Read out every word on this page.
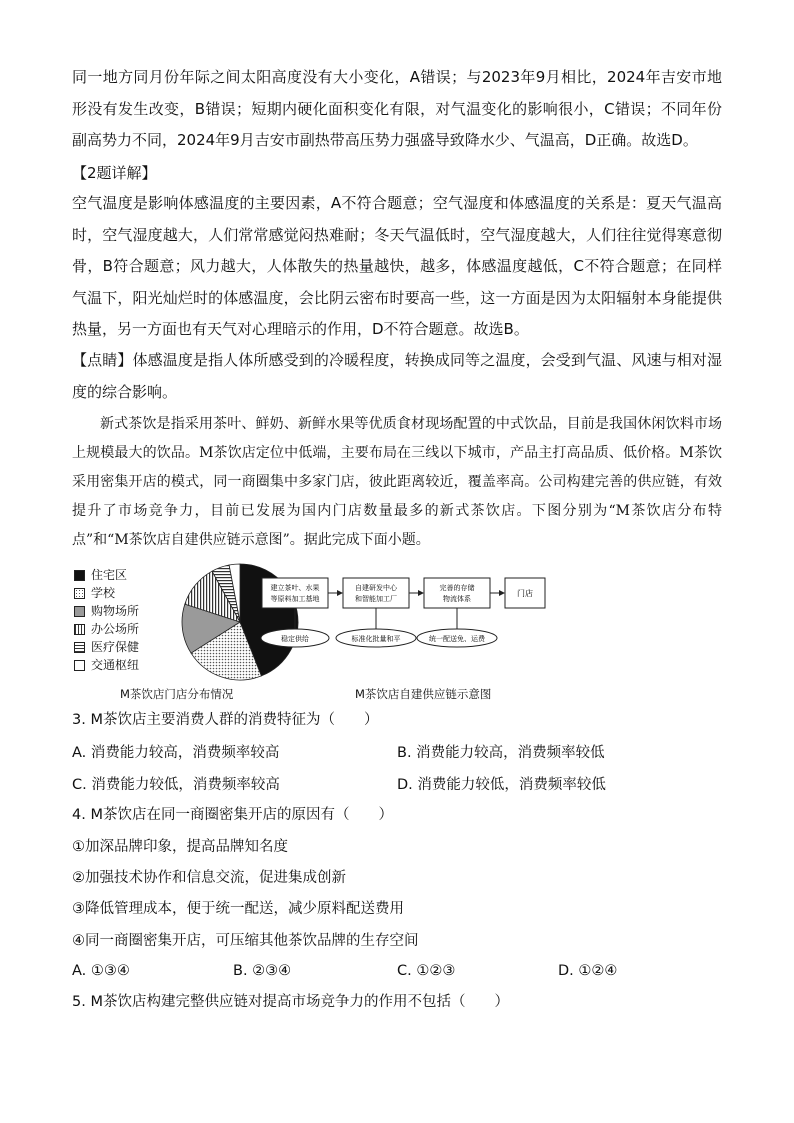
同一地方同月份年际之间太阳高度没有大小变化，A错误；与2023年9月相比，2024年吉安市地形没有发生改变，B错误；短期内硬化面积变化有限，对气温变化的影响很小，C错误；不同年份副高势力不同，2024年9月吉安市副热带高压势力强盛导致降水少、气温高，D正确。故选D。
【2题详解】
空气温度是影响体感温度的主要因素，A不符合题意；空气湿度和体感温度的关系是：夏天气温高时，空气湿度越大，人们常常感觉闷热难耐；冬天气温低时，空气湿度越大，人们往往觉得寒意彻骨，B符合题意；风力越大，人体散失的热量越快，越多，体感温度越低，C不符合题意；在同样气温下，阳光灿烂时的体感温度，会比阴云密布时要高一些，这一方面是因为太阳辐射本身能提供热量，另一方面也有天气对心理暗示的作用，D不符合题意。故选B。
【点睛】体感温度是指人体所感受到的冷暖程度，转换成同等之温度，会受到气温、风速与相对湿度的综合影响。
新式茶饮是指采用茶叶、鲜奶、新鲜水果等优质食材现场配置的中式饮品，目前是我国休闲饮料市场上规模最大的饮品。M茶饮店定位中低端，主要布局在三线以下城市，产品主打高品质、低价格。M茶饮采用密集开店的模式，同一商圈集中多家门店，彼此距离较近，覆盖率高。公司构建完善的供应链，有效提升了市场竞争力，目前已发展为国内门店数量最多的新式茶饮店。下图分别为“M茶饮店分布特点”和“M茶饮店自建供应链示意图”。据此完成下面小题。
住宅区
学校
购物场所
办公场所
医疗保健
交通枢纽
M茶饮店门店分布情况
建立茶叶、水果
等原料加工基地
自建研发中心
和智能加工厂
完善的存储
物流体系
门店
稳定供给	标准化批量和平	统一配送免、运费
M茶饮店自建供应链示意图
3. M茶饮店主要消费人群的消费特征为（　　）
A. 消费能力较高，消费频率较高	B. 消费能力较高，消费频率较低
C. 消费能力较低，消费频率较高	D. 消费能力较低，消费频率较低
4. M茶饮店在同一商圈密集开店的原因有（　　）
①加深品牌印象，提高品牌知名度
②加强技术协作和信息交流，促进集成创新
③降低管理成本，便于统一配送，减少原料配送费用
④同一商圈密集开店，可压缩其他茶饮品牌的生存空间
A. ①③④	B. ②③④	C. ①②③	D. ①②④
5. M茶饮店构建完整供应链对提高市场竞争力的作用不包括（　　）
